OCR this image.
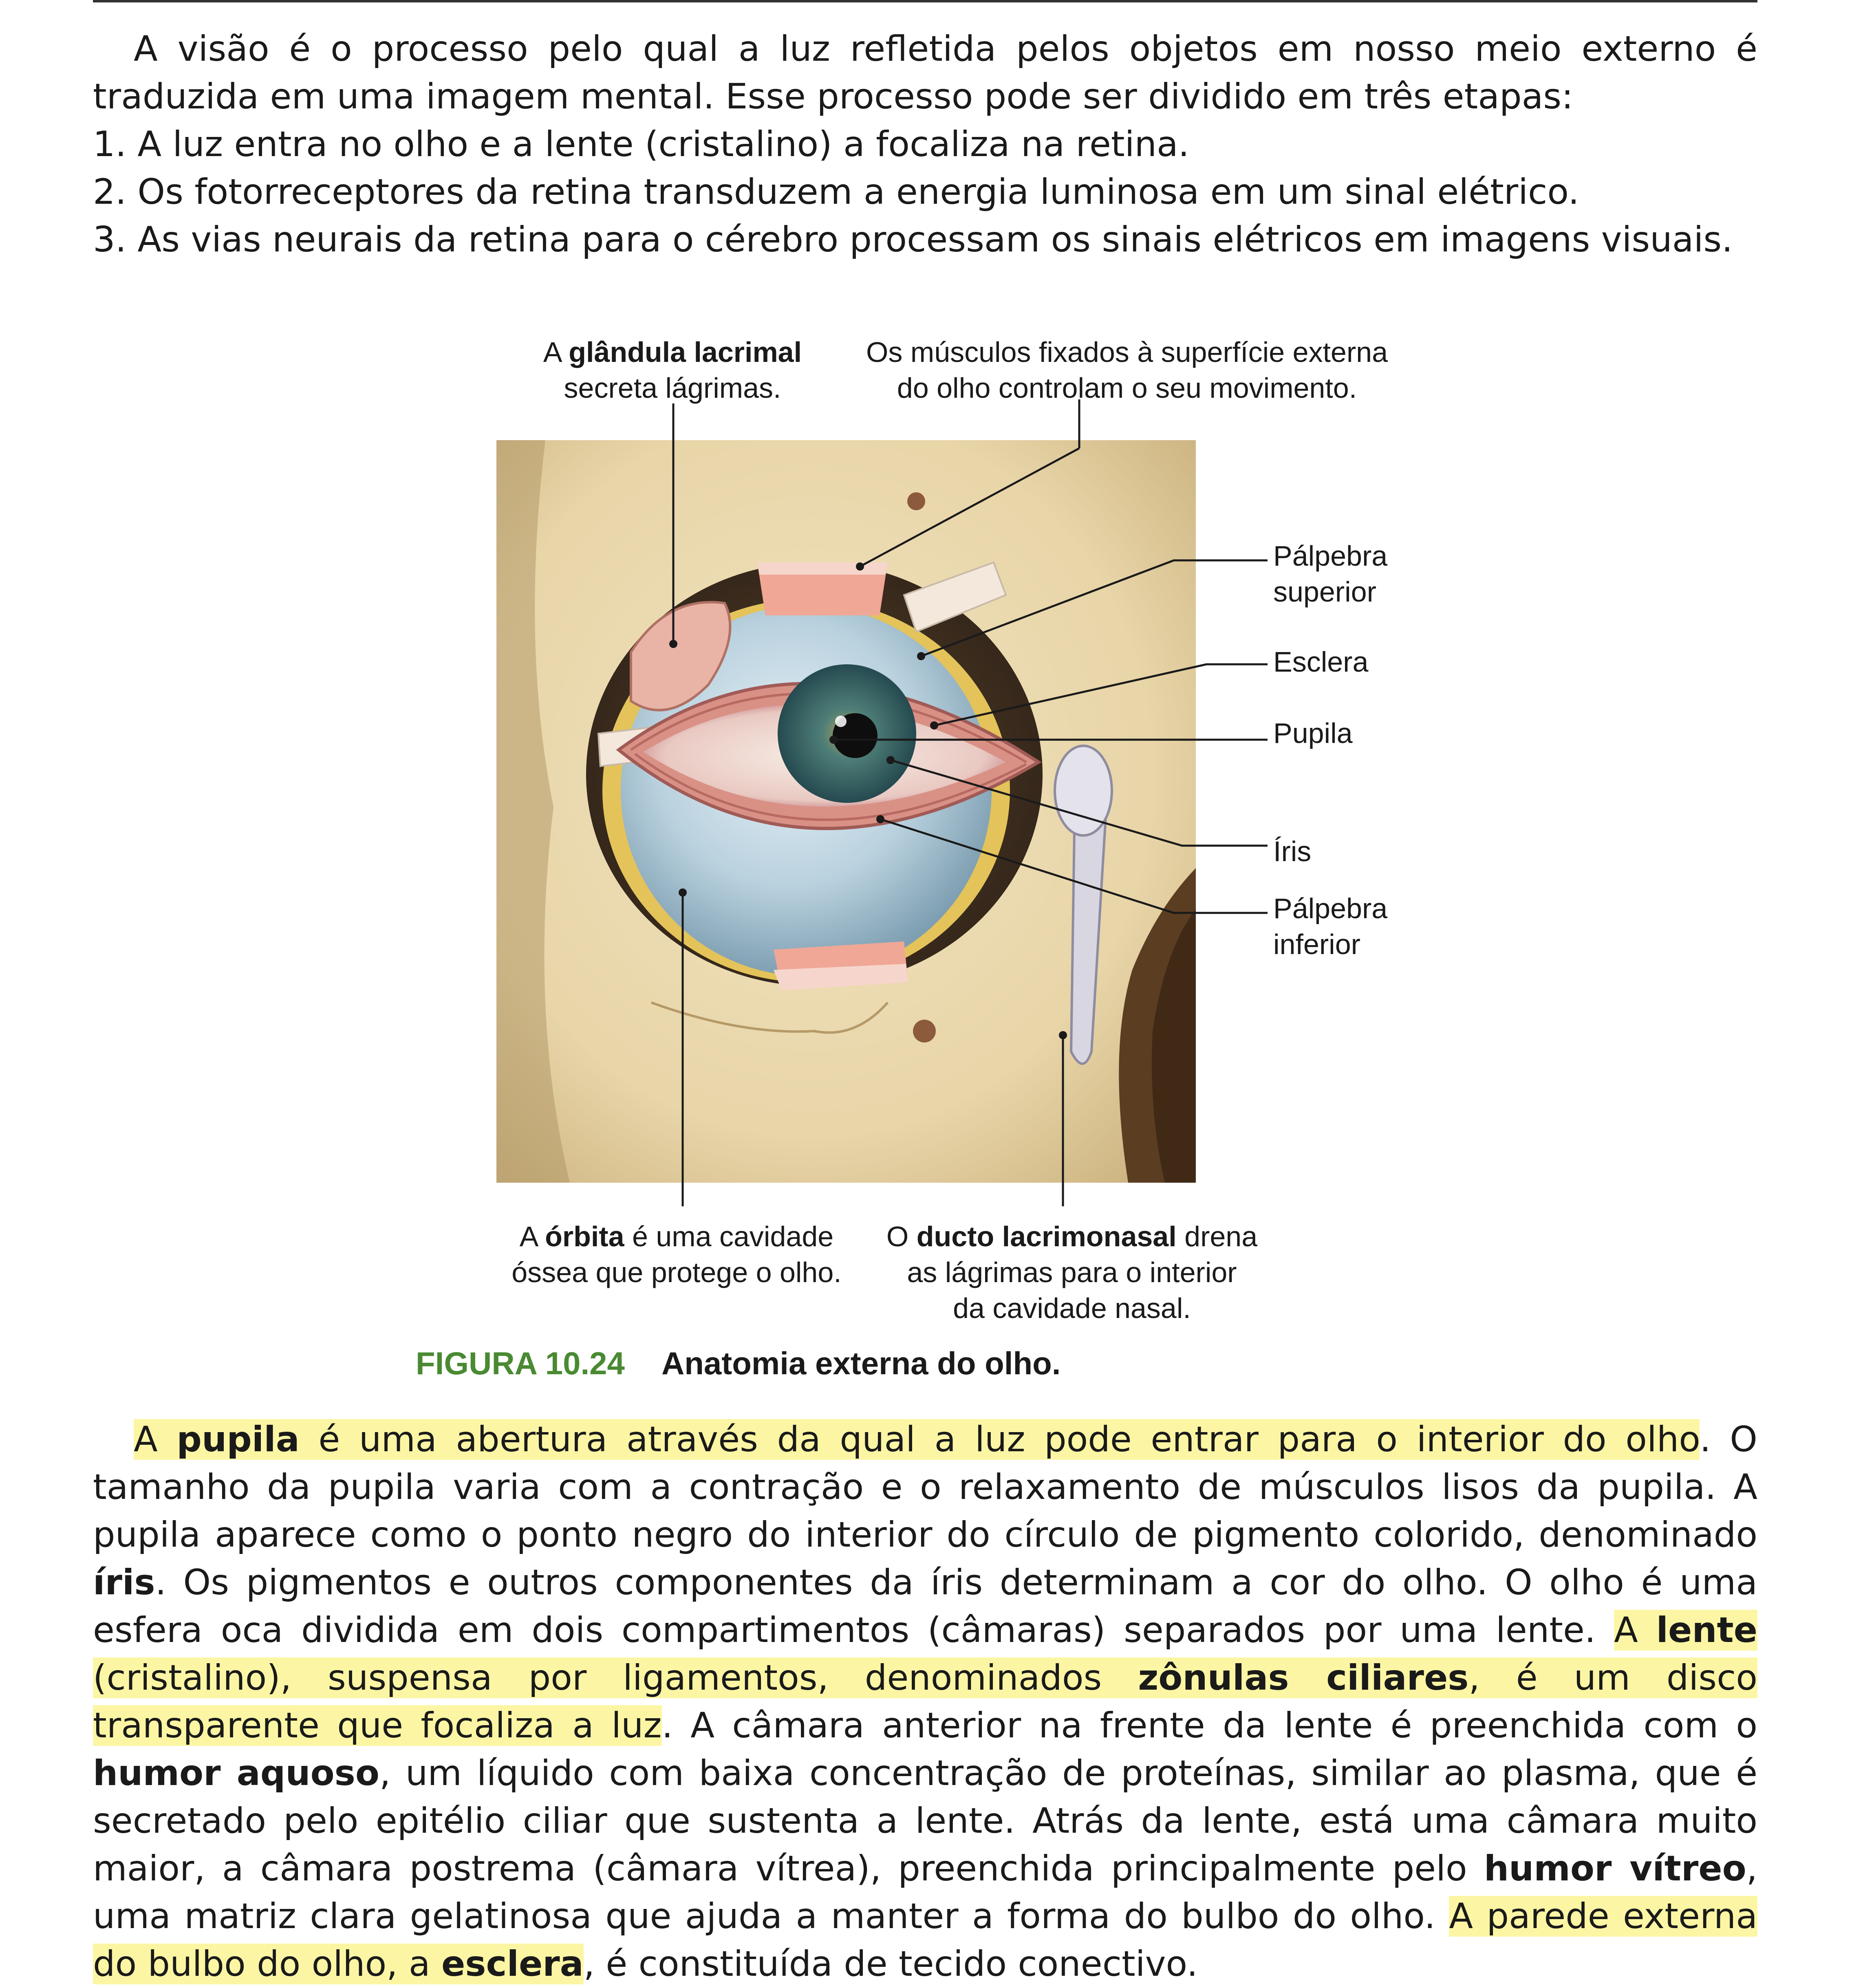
A visão é o processo pelo qual a luz refletida pelos objetos em nosso meio externo é traduzida em uma imagem mental. Esse processo pode ser dividido em três etapas:

1. A luz entra no olho e a lente (cristalino) a focaliza na retina.

2. Os fotorreceptores da retina transduzem a energia luminosa em um sinal elétrico.

3. As vias neurais da retina para o cérebro processam os sinais elétricos em imagens visuais.

A glândula lacrimal
secreta lágrimas.
Os músculos fixados à superfície externa
do olho controlam o seu movimento.
Pálpebra
superior
Esclera
Pupila
Íris
Pálpebra
inferior
A órbita é uma cavidade
óssea que protege o olho.
O ducto lacrimonasal drena
as lágrimas para o interior
da cavidade nasal.
FIGURA 10.24 Anatomia externa do olho.

A pupila é uma abertura através da qual a luz pode entrar para o interior do olho. O tamanho da pupila varia com a contração e o relaxamento de músculos lisos da pupila. A pupila aparece como o ponto negro do interior do círculo de pigmento colorido, denominado íris. Os pigmentos e outros componentes da íris determinam a cor do olho. O olho é uma esfera oca dividida em dois compartimentos (câmaras) separados por uma lente. A lente (cristalino), suspensa por ligamentos, denominados zônulas ciliares, é um disco transparente que focaliza a luz. A câmara anterior na frente da lente é preenchida com o humor aquoso, um líquido com baixa concentração de proteínas, similar ao plasma, que é secretado pelo epitélio ciliar que sustenta a lente. Atrás da lente, está uma câmara muito maior, a câmara postrema (câmara vítrea), preenchida principalmente pelo humor vítreo, uma matriz clara gelatinosa que ajuda a manter a forma do bulbo do olho. A parede externa do bulbo do olho, a esclera, é constituída de tecido conectivo.
